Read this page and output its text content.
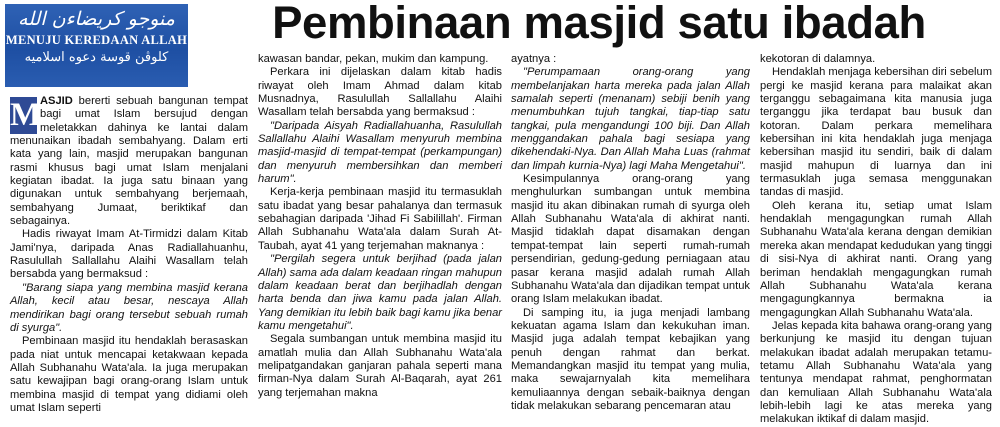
منوجو كريضاءن الله
MENUJU KEREDAAN ALLAH
كلوڤن قوسة دعوه اسلاميه
Pembinaan masjid satu ibadah

M
ASJID bererti sebuah bangunan tempat bagi umat Islam bersujud dengan meletakkan dahinya ke lantai dalam menunaikan ibadah sembahyang. Dalam erti kata yang lain, masjid merupakan bangunan rasmi khusus bagi umat Islam menjalani kegiatan ibadat. Ia juga satu binaan yang digunakan untuk sembahyang berjemaah, sembahyang Jumaat, beriktikaf dan sebagainya.

Hadis riwayat Imam At-Tirmidzi dalam Kitab Jami'nya, daripada Anas Radiallahuanhu, Rasulullah Sallallahu Alaihi Wasallam telah bersabda yang bermaksud :

"Barang siapa yang membina masjid kerana Allah, kecil atau besar, nescaya Allah mendirikan bagi orang tersebut sebuah rumah di syurga".

Pembinaan masjid itu hendaklah berasaskan pada niat untuk mencapai ketakwaan kepada Allah Subhanahu Wata'ala. Ia juga merupakan satu kewajipan bagi orang-orang Islam untuk membina masjid di tempat yang didiami oleh umat Islam seperti

kawasan bandar, pekan, mukim dan kampung.

Perkara ini dijelaskan dalam kitab hadis riwayat oleh Imam Ahmad dalam kitab Musnadnya, Rasulullah Sallallahu Alaihi Wasallam telah bersabda yang bermaksud :

"Daripada Aisyah Radiallahuanha, Rasulullah Sallallahu Alaihi Wasallam menyuruh membina masjid-masjid di tempat-tempat (perkampungan) dan menyuruh membersihkan dan memberi harum".

Kerja-kerja pembinaan masjid itu termasuklah satu ibadat yang besar pahalanya dan termasuk sebahagian daripada 'Jihad Fi Sabilillah'. Firman Allah Subhanahu Wata'ala dalam Surah At-Taubah, ayat 41 yang terjemahan maknanya :

"Pergilah segera untuk berjihad (pada jalan Allah) sama ada dalam keadaan ringan mahupun dalam keadaan berat dan berjihadlah dengan harta benda dan jiwa kamu pada jalan Allah. Yang demikian itu lebih baik bagi kamu jika benar kamu mengetahui".

Segala sumbangan untuk membina masjid itu amatlah mulia dan Allah Subhanahu Wata'ala melipatgandakan ganjaran pahala seperti mana firman-Nya dalam Surah Al-Baqarah, ayat 261 yang terjemahan makna

ayatnya :

"Perumpamaan orang-orang yang membelanjakan harta mereka pada jalan Allah samalah seperti (menanam) sebiji benih yang menumbuhkan tujuh tangkai, tiap-tiap satu tangkai, pula mengandungi 100 biji. Dan Allah menggandakan pahala bagi sesiapa yang dikehendaki-Nya. Dan Allah Maha Luas (rahmat dan limpah kurnia-Nya) lagi Maha Mengetahui".

Kesimpulannya orang-orang yang menghulurkan sumbangan untuk membina masjid itu akan dibinakan rumah di syurga oleh Allah Subhanahu Wata'ala di akhirat nanti. Masjid tidaklah dapat disamakan dengan tempat-tempat lain seperti rumah-rumah persendirian, gedung-gedung perniagaan atau pasar kerana masjid adalah rumah Allah Subhanahu Wata'ala dan dijadikan tempat untuk orang Islam melakukan ibadat.

Di samping itu, ia juga menjadi lambang kekuatan agama Islam dan kekukuhan iman. Masjid juga adalah tempat kebajikan yang penuh dengan rahmat dan berkat. Memandangkan masjid itu tempat yang mulia, maka sewajarnyalah kita memelihara kemuliaannya dengan sebaik-baiknya dengan tidak melakukan sebarang pencemaran atau

kekotoran di dalamnya.

Hendaklah menjaga kebersihan diri sebelum pergi ke masjid kerana para malaikat akan terganggu sebagaimana kita manusia juga terganggu jika terdapat bau busuk dan kotoran. Dalam perkara memelihara kebersihan ini kita hendaklah juga menjaga kebersihan masjid itu sendiri, baik di dalam masjid mahupun di luarnya dan ini termasuklah juga semasa menggunakan tandas di masjid.

Oleh kerana itu, setiap umat Islam hendaklah mengagungkan rumah Allah Subhanahu Wata'ala kerana dengan demikian mereka akan mendapat kedudukan yang tinggi di sisi-Nya di akhirat nanti. Orang yang beriman hendaklah mengagungkan rumah Allah Subhanahu Wata'ala kerana mengagungkannya bermakna ia mengagungkan Allah Subhanahu Wata'ala.

Jelas kepada kita bahawa orang-orang yang berkunjung ke masjid itu dengan tujuan melakukan ibadat adalah merupakan tetamu-tetamu Allah Subhanahu Wata'ala yang tentunya mendapat rahmat, penghormatan dan kemuliaan Allah Subhanahu Wata'ala lebih-lebih lagi ke atas mereka yang melakukan iktikaf di dalam masjid.
